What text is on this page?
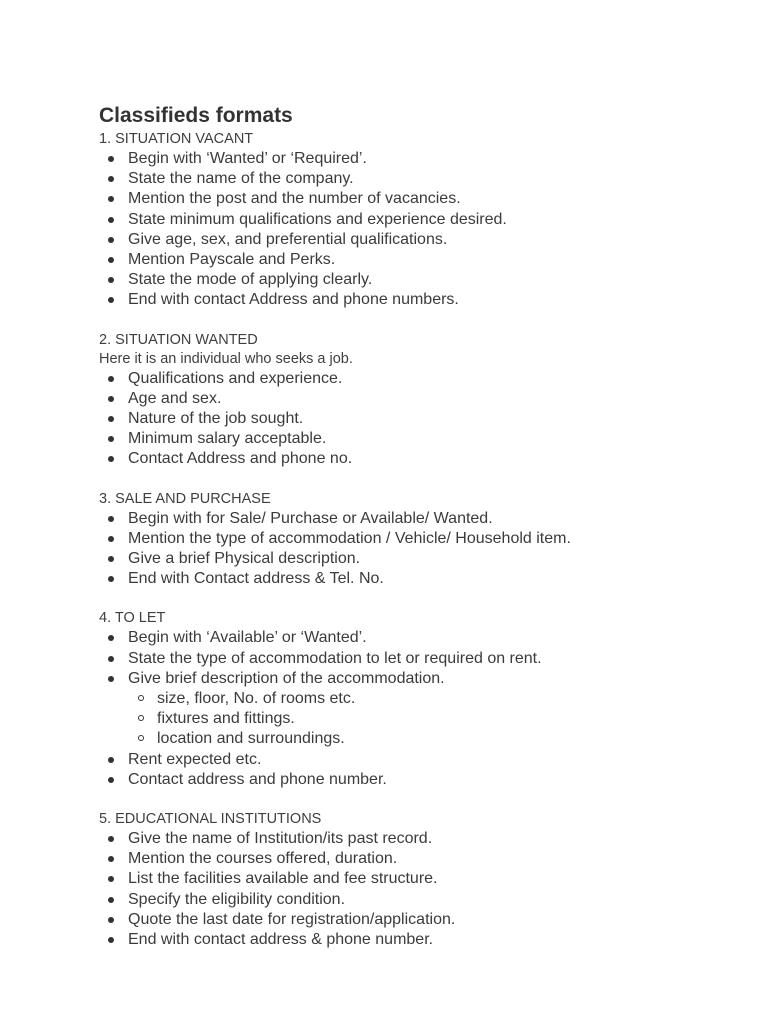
Classifieds formats
1. SITUATION VACANT
Begin with ‘Wanted’ or ‘Required’.
State the name of the company.
Mention the post and the number of vacancies.
State minimum qualifications and experience desired.
Give age, sex, and preferential qualifications.
Mention Payscale and Perks.
State the mode of applying clearly.
End with contact Address and phone numbers.
2. SITUATION WANTED
Here it is an individual who seeks a job.
Qualifications and experience.
Age and sex.
Nature of the job sought.
Minimum salary acceptable.
Contact Address and phone no.
3. SALE AND PURCHASE
Begin with for Sale/ Purchase or Available/ Wanted.
Mention the type of accommodation / Vehicle/ Household item.
Give a brief Physical description.
End with Contact address & Tel. No.
4. TO LET
Begin with ‘Available’ or ‘Wanted’.
State the type of accommodation to let or required on rent.
Give brief description of the accommodation.
size, floor, No. of rooms etc.
fixtures and fittings.
location and surroundings.
Rent expected etc.
Contact address and phone number.
5. EDUCATIONAL INSTITUTIONS
Give the name of Institution/its past record.
Mention the courses offered, duration.
List the facilities available and fee structure.
Specify the eligibility condition.
Quote the last date for registration/application.
End with contact address & phone number.
